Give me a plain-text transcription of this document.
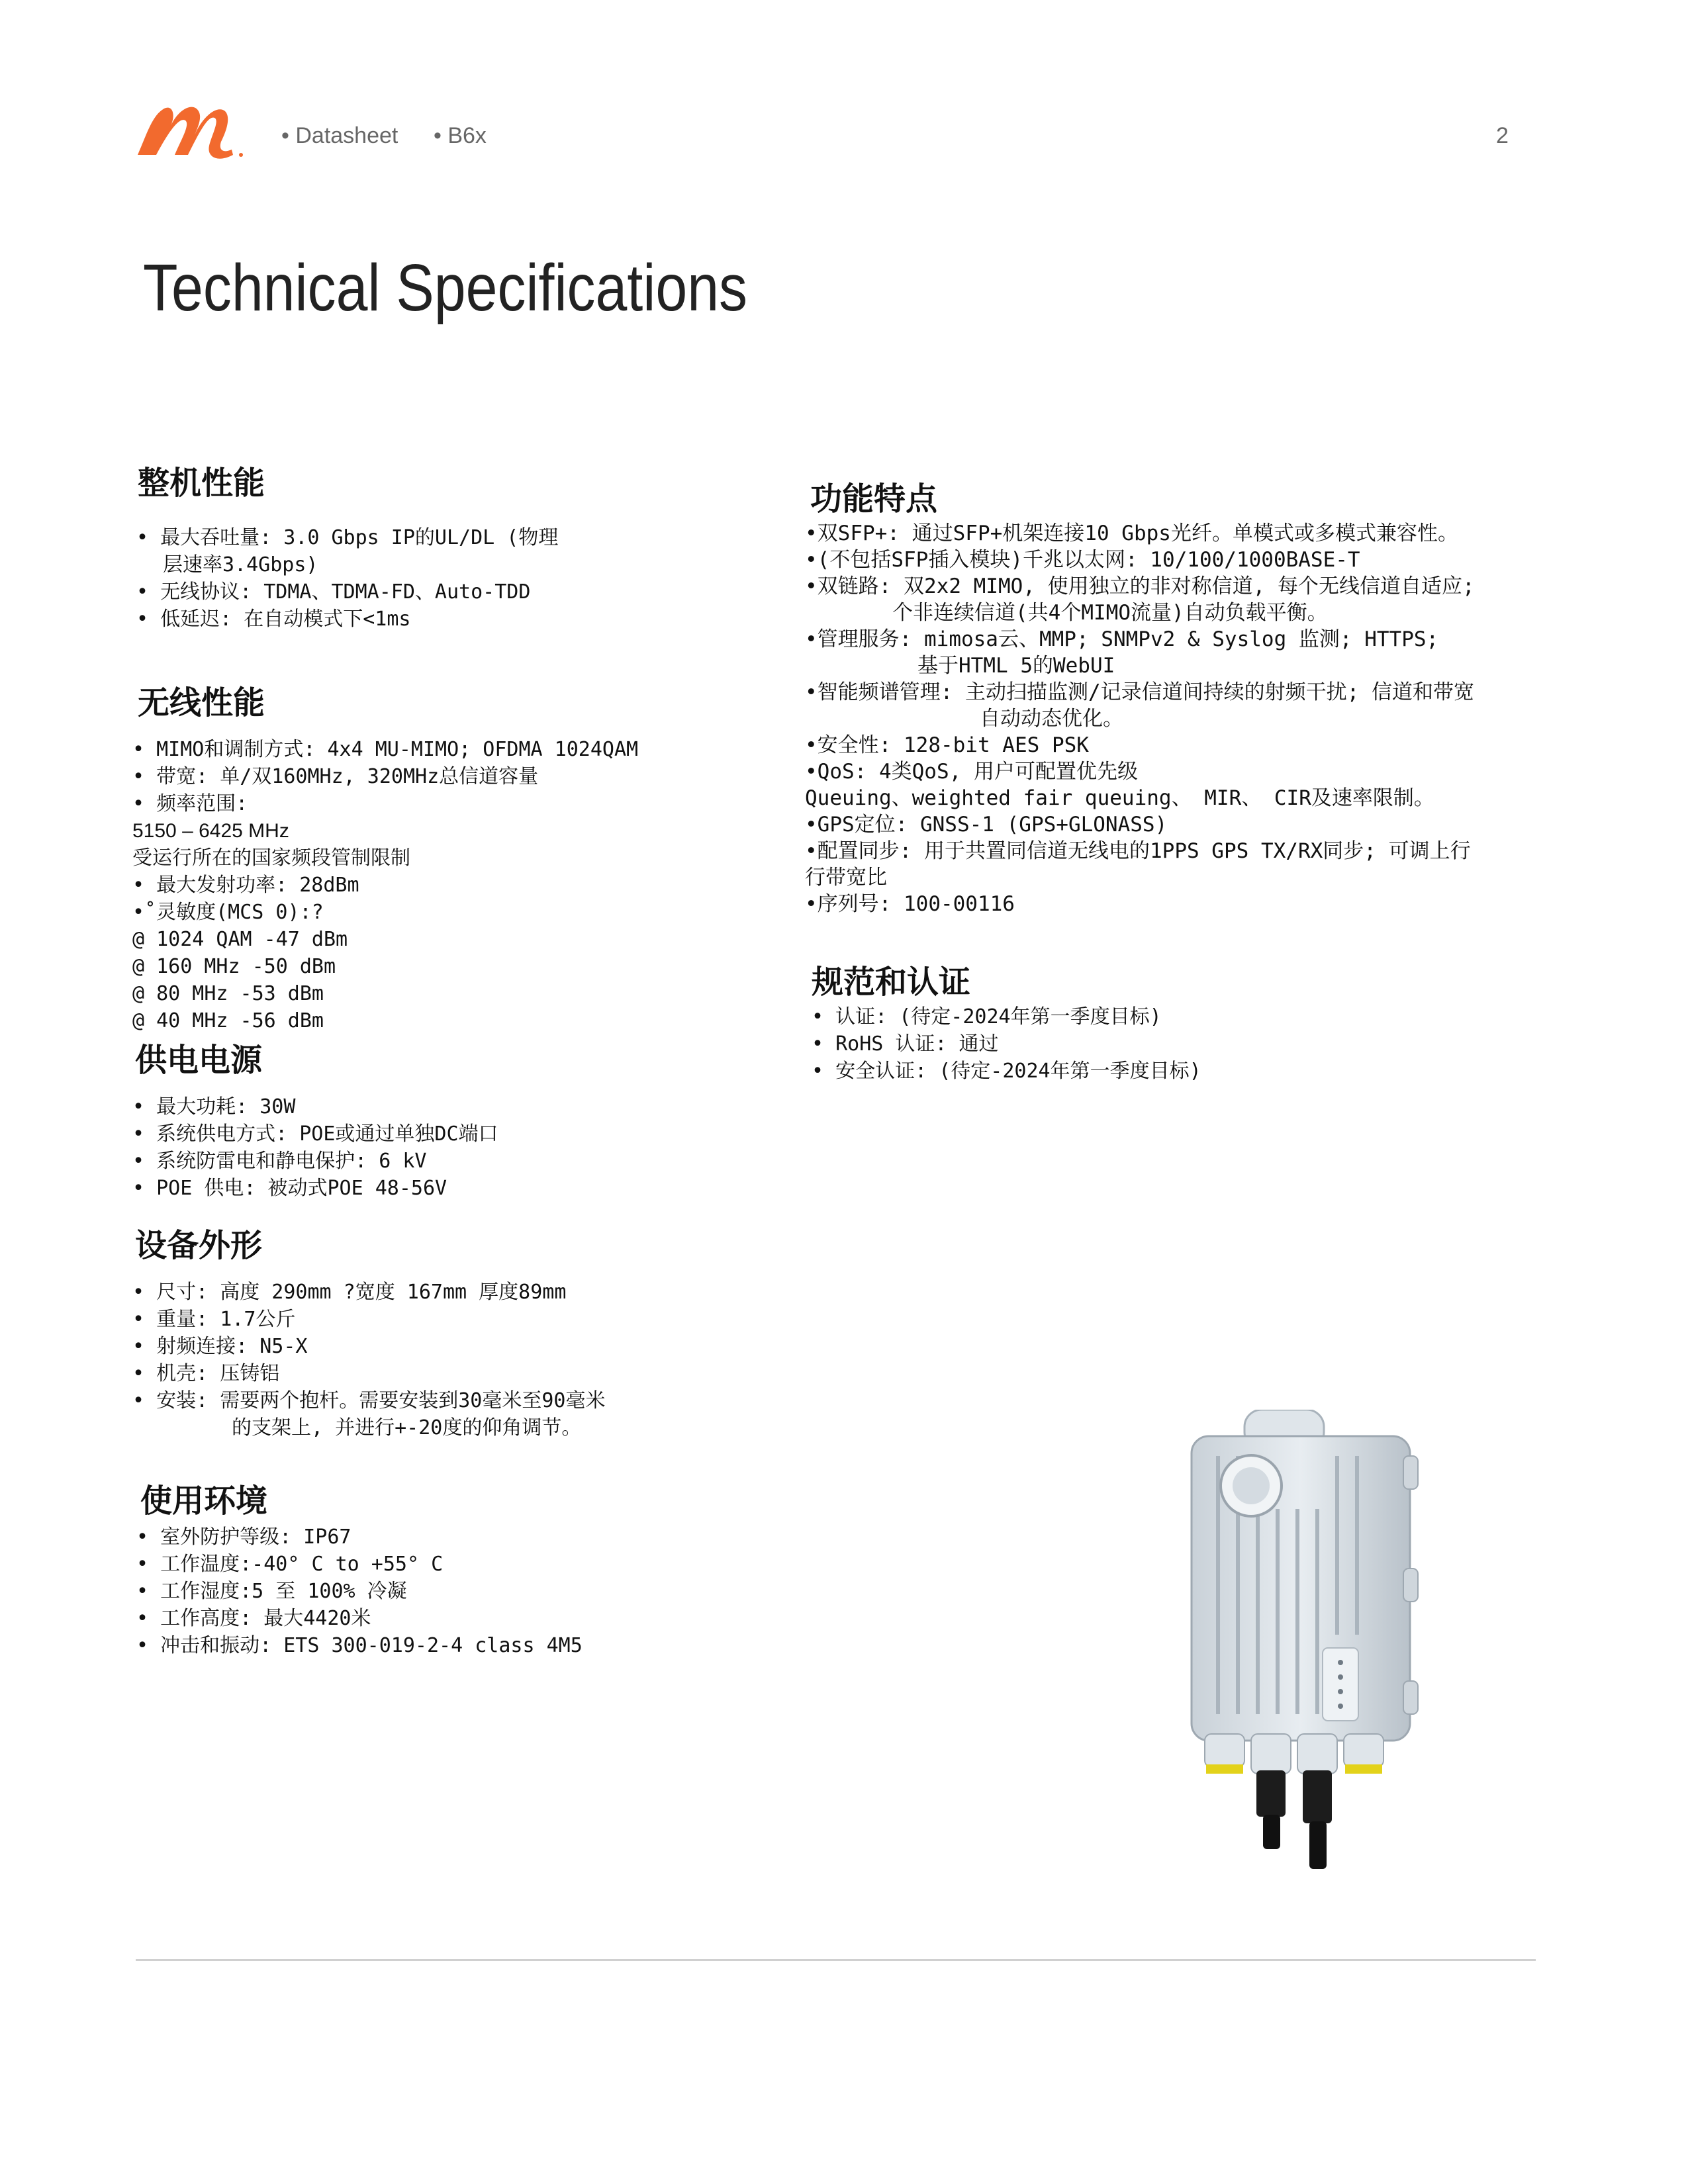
• Datasheet • B6x	2
Technical Specifications
整机性能
• 最大吞吐量: 3.0 Gbps IP的UL/DL (物理
层速率3.4Gbps)
• 无线协议: TDMA、TDMA-FD、Auto-TDD
• 低延迟: 在自动模式下<1ms
无线性能
• MIMO和调制方式: 4x4 MU-MIMO; OFDMA 1024QAM
• 带宽: 单/双160MHz, 320MHz总信道容量
• 频率范围:
5150 – 6425 MHz
受运行所在的国家频段管制限制
• 最大发射功率: 28dBm
•˚灵敏度(MCS 0):?
@ 1024 QAM -47 dBm
@ 160 MHz -50 dBm
@ 80 MHz -53 dBm
@ 40 MHz -56 dBm
供电电源
• 最大功耗: 30W
• 系统供电方式: POE或通过单独DC端口
• 系统防雷电和静电保护: 6 kV
• POE 供电: 被动式POE 48-56V
设备外形
• 尺寸: 高度 290mm ?宽度 167mm 厚度89mm
• 重量: 1.7公斤
• 射频连接: N5-X
• 机壳: 压铸铝
• 安装: 需要两个抱杆。需要安装到30毫米至90毫米
的支架上, 并进行+-20度的仰角调节。
使用环境
• 室外防护等级: IP67
• 工作温度:-40° C to +55° C
• 工作湿度:5 至 100% 冷凝
• 工作高度: 最大4420米
• 冲击和振动: ETS 300-019-2-4 class 4M5
功能特点
•双SFP+: 通过SFP+机架连接10 Gbps光纤。单模式或多模式兼容性。
•(不包括SFP插入模块)千兆以太网: 10/100/1000BASE-T
•双链路: 双2x2 MIMO, 使用独立的非对称信道, 每个无线信道自适应;
个非连续信道(共4个MIMO流量)自动负载平衡。
•管理服务: mimosa云、MMP; SNMPv2 & Syslog 监测; HTTPS;
基于HTML 5的WebUI
•智能频谱管理: 主动扫描监测/记录信道间持续的射频干扰; 信道和带宽
自动动态优化。
•安全性: 128-bit AES PSK
•QoS: 4类QoS, 用户可配置优先级
Queuing、weighted fair queuing、 MIR、 CIR及速率限制。
•GPS定位: GNSS-1 (GPS+GLONASS)
•配置同步: 用于共置同信道无线电的1PPS GPS TX/RX同步; 可调上行
行带宽比
•序列号: 100-00116
规范和认证
• 认证: (待定-2024年第一季度目标)
• RoHS 认证: 通过
• 安全认证: (待定-2024年第一季度目标)
